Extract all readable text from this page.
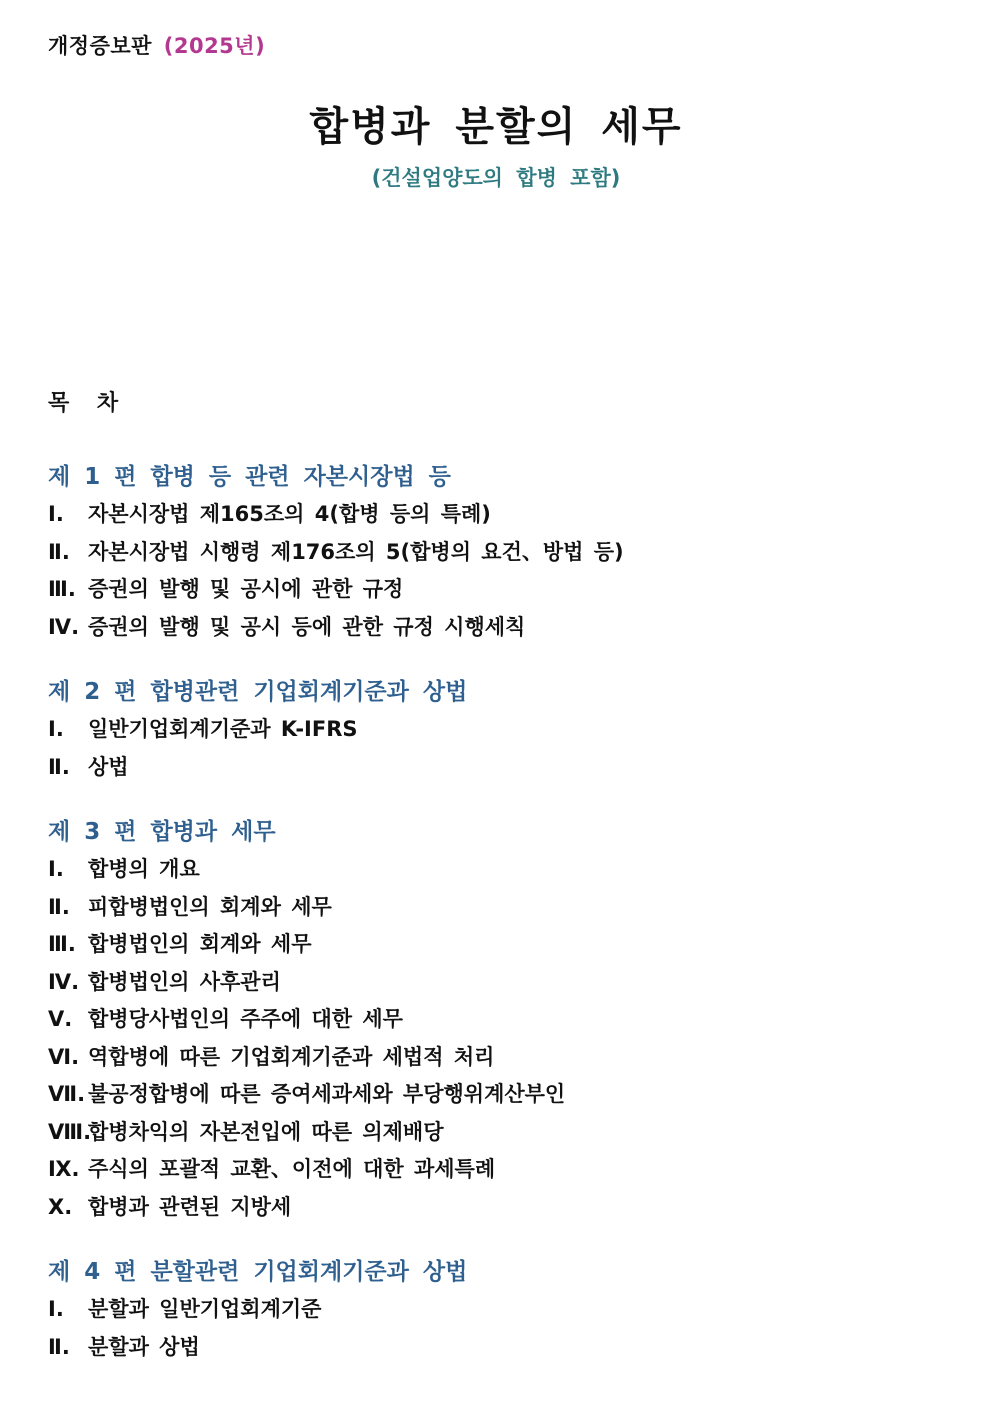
개정증보판 (2025년)
합병과 분할의 세무
(건설업양도의 합병 포함)
목 차
제 1 편 합병 등 관련 자본시장법 등
Ⅰ. 자본시장법 제165조의 4(합병 등의 특례)
Ⅱ. 자본시장법 시행령 제176조의 5(합병의 요건、방법 등)
Ⅲ. 증권의 발행 및 공시에 관한 규정
Ⅳ. 증권의 발행 및 공시 등에 관한 규정 시행세칙
제 2 편 합병관련 기업회계기준과 상법
Ⅰ. 일반기업회계기준과 K-IFRS
Ⅱ. 상법
제 3 편 합병과 세무
Ⅰ. 합병의 개요
Ⅱ. 피합병법인의 회계와 세무
Ⅲ. 합병법인의 회계와 세무
Ⅳ. 합병법인의 사후관리
Ⅴ. 합병당사법인의 주주에 대한 세무
Ⅵ. 역합병에 따른 기업회계기준과 세법적 처리
Ⅶ. 불공정합병에 따른 증여세과세와 부당행위계산부인
Ⅷ.합병차익의 자본전입에 따른 의제배당
Ⅸ. 주식의 포괄적 교환、이전에 대한 과세특례
Ⅹ. 합병과 관련된 지방세
제 4 편 분할관련 기업회계기준과 상법
Ⅰ. 분할과 일반기업회계기준
Ⅱ. 분할과 상법
